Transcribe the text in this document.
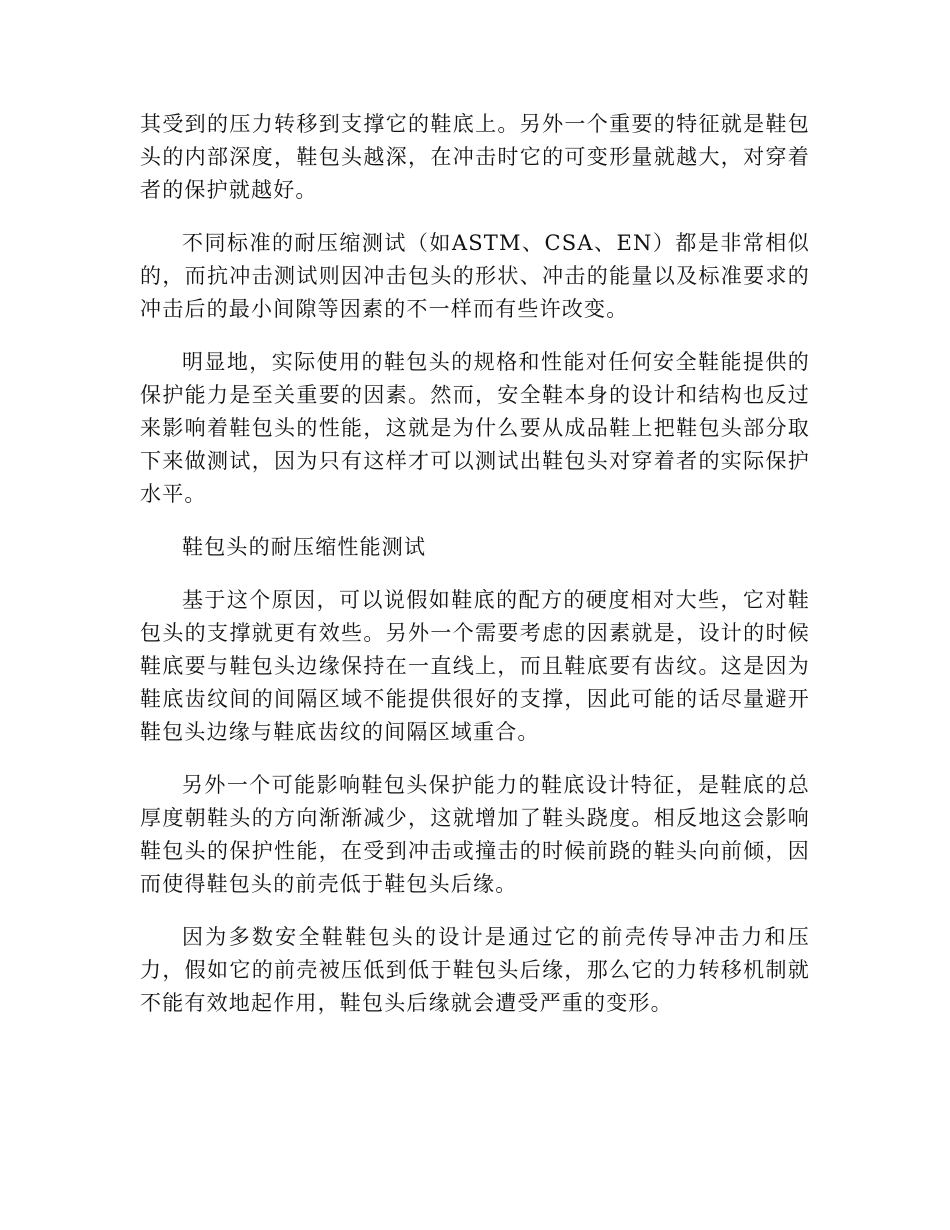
其受到的压力转移到支撑它的鞋底上。另外一个重要的特征就是鞋包头的内部深度，鞋包头越深，在冲击时它的可变形量就越大，对穿着者的保护就越好。

不同标准的耐压缩测试（如ASTM、CSA、EN）都是非常相似的，而抗冲击测试则因冲击包头的形状、冲击的能量以及标准要求的冲击后的最小间隙等因素的不一样而有些许改变。

明显地，实际使用的鞋包头的规格和性能对任何安全鞋能提供的保护能力是至关重要的因素。然而，安全鞋本身的设计和结构也反过来影响着鞋包头的性能，这就是为什么要从成品鞋上把鞋包头部分取下来做测试，因为只有这样才可以测试出鞋包头对穿着者的实际保护水平。

鞋包头的耐压缩性能测试

基于这个原因，可以说假如鞋底的配方的硬度相对大些，它对鞋包头的支撑就更有效些。另外一个需要考虑的因素就是，设计的时候鞋底要与鞋包头边缘保持在一直线上，而且鞋底要有齿纹。这是因为鞋底齿纹间的间隔区域不能提供很好的支撑，因此可能的话尽量避开鞋包头边缘与鞋底齿纹的间隔区域重合。

另外一个可能影响鞋包头保护能力的鞋底设计特征，是鞋底的总厚度朝鞋头的方向渐渐减少，这就增加了鞋头跷度。相反地这会影响鞋包头的保护性能，在受到冲击或撞击的时候前跷的鞋头向前倾，因而使得鞋包头的前壳低于鞋包头后缘。

因为多数安全鞋鞋包头的设计是通过它的前壳传导冲击力和压力，假如它的前壳被压低到低于鞋包头后缘，那么它的力转移机制就不能有效地起作用，鞋包头后缘就会遭受严重的变形。
